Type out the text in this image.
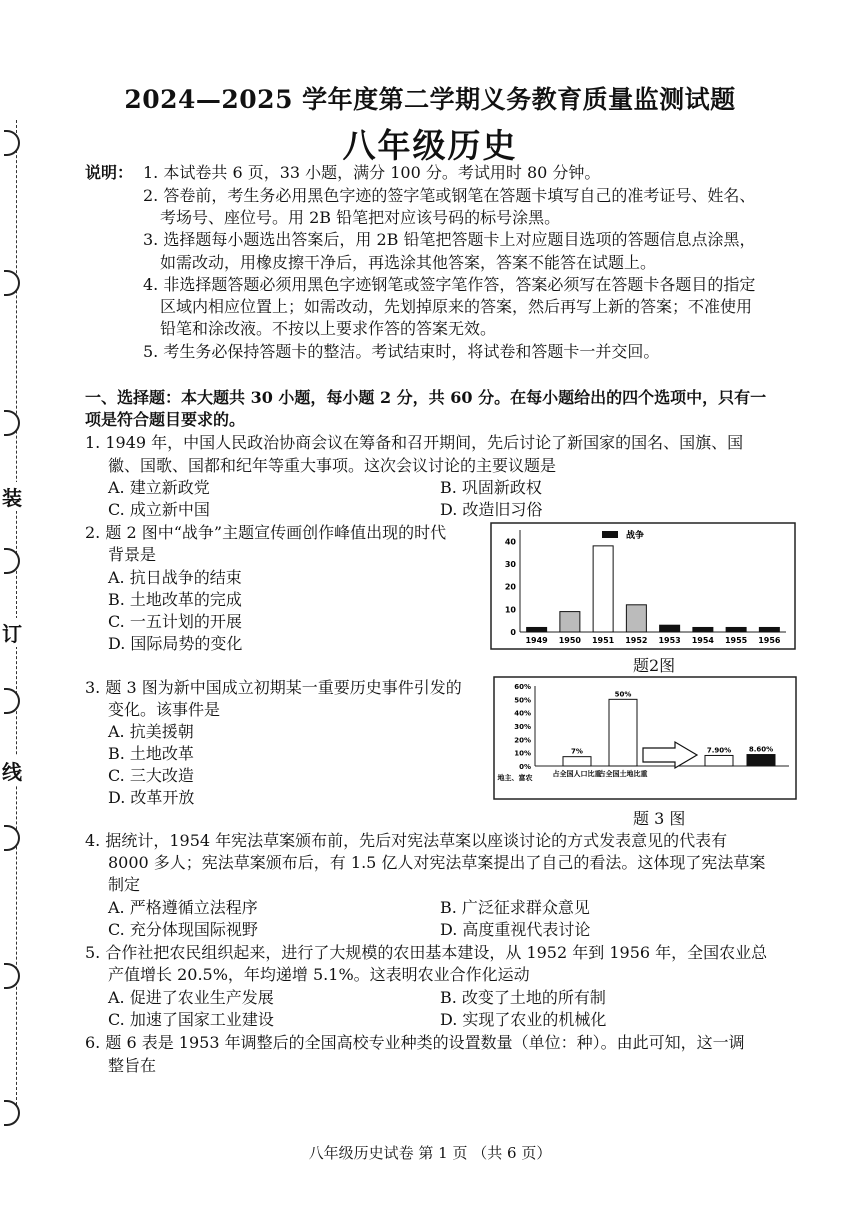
装
订
线
2024—2025 学年度第二学期义务教育质量监测试题
八年级历史
说明： 1. 本试卷共 6 页，33 小题，满分 100 分。考试用时 80 分钟。
2. 答卷前，考生务必用黑色字迹的签字笔或钢笔在答题卡填写自己的准考证号、姓名、
考场号、座位号。用 2B 铅笔把对应该号码的标号涂黑。
3. 选择题每小题选出答案后，用 2B 铅笔把答题卡上对应题目选项的答题信息点涂黑，
如需改动，用橡皮擦干净后，再选涂其他答案，答案不能答在试题上。
4. 非选择题答题必须用黑色字迹钢笔或签字笔作答，答案必须写在答题卡各题目的指定
区域内相应位置上；如需改动，先划掉原来的答案，然后再写上新的答案；不准使用
铅笔和涂改液。不按以上要求作答的答案无效。
5. 考生务必保持答题卡的整洁。考试结束时，将试卷和答题卡一并交回。
一、选择题：本大题共 30 小题，每小题 2 分，共 60 分。在每小题给出的四个选项中，只有一
项是符合题目要求的。
1. 1949 年，中国人民政治协商会议在筹备和召开期间，先后讨论了新国家的国名、国旗、国
徽、国歌、国都和纪年等重大事项。这次会议讨论的主要议题是
A. 建立新政党	B. 巩固新政权
C. 成立新中国	D. 改造旧习俗
2. 题 2 图中“战争”主题宣传画创作峰值出现的时代
背景是
A. 抗日战争的结束
B. 土地改革的完成
C. 一五计划的开展
D. 国际局势的变化
0
10
20
30
40
战争
1949 1950 1951 1952 1953 1954 1955 1956
题2图
3. 题 3 图为新中国成立初期某一重要历史事件引发的
变化。该事件是
A. 抗美援朝
B. 土地改革
C. 三大改造
D. 改革开放
0%
10%
20%
30%
40%
50%
60%
7%
50%
7.90%	8.60%
地主、富农	占全国人口比重
占全国土地比重
题 3 图
4. 据统计，1954 年宪法草案颁布前，先后对宪法草案以座谈讨论的方式发表意见的代表有
8000 多人；宪法草案颁布后，有 1.5 亿人对宪法草案提出了自己的看法。这体现了宪法草案
制定
A. 严格遵循立法程序	B. 广泛征求群众意见
C. 充分体现国际视野	D. 高度重视代表讨论
5. 合作社把农民组织起来，进行了大规模的农田基本建设，从 1952 年到 1956 年，全国农业总
产值增长 20.5%，年均递增 5.1%。这表明农业合作化运动
A. 促进了农业生产发展	B. 改变了土地的所有制
C. 加速了国家工业建设	D. 实现了农业的机械化
6. 题 6 表是 1953 年调整后的全国高校专业种类的设置数量（单位：种）。由此可知，这一调
整旨在
八年级历史试卷 第 1 页 （共 6 页）
